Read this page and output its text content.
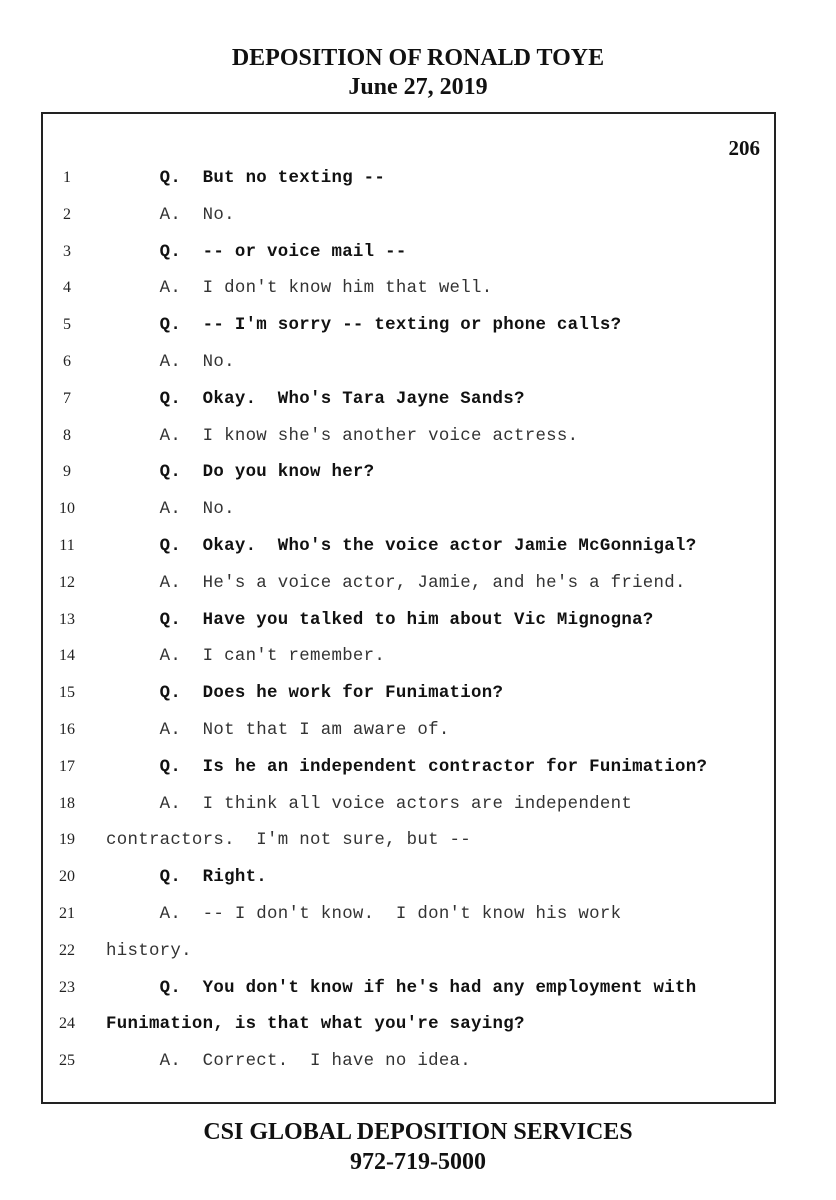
DEPOSITION OF RONALD TOYE
June 27, 2019
206
1	Q.  But no texting --
2	A.  No.
3	Q.  -- or voice mail --
4	A.  I don't know him that well.
5	Q.  -- I'm sorry -- texting or phone calls?
6	A.  No.
7	Q.  Okay.  Who's Tara Jayne Sands?
8	A.  I know she's another voice actress.
9	Q.  Do you know her?
10	A.  No.
11	Q.  Okay.  Who's the voice actor Jamie McGonnigal?
12	A.  He's a voice actor, Jamie, and he's a friend.
13	Q.  Have you talked to him about Vic Mignogna?
14	A.  I can't remember.
15	Q.  Does he work for Funimation?
16	A.  Not that I am aware of.
17	Q.  Is he an independent contractor for Funimation?
18	A.  I think all voice actors are independent
19	contractors.  I'm not sure, but --
20	Q.  Right.
21	A.  -- I don't know.  I don't know his work
22	history.
23	Q.  You don't know if he's had any employment with
24	Funimation, is that what you're saying?
25	A.  Correct.  I have no idea.
CSI GLOBAL DEPOSITION SERVICES
972-719-5000
